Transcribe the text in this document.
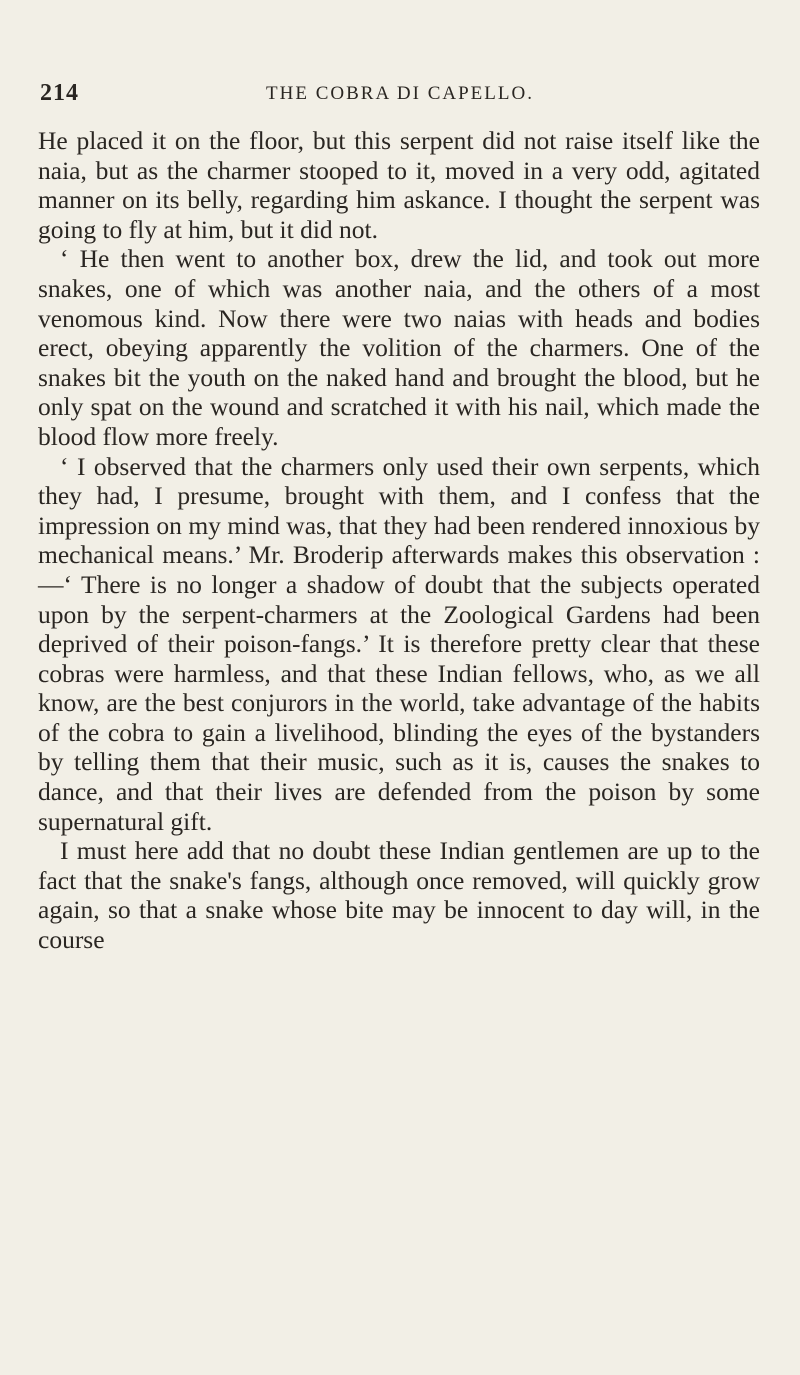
214	THE COBRA DI CAPELLO.

He placed it on the floor, but this serpent did not raise itself like the naia, but as the charmer stooped to it, moved in a very odd, agitated manner on its belly, regarding him askance. I thought the serpent was going to fly at him, but it did not.

‘ He then went to another box, drew the lid, and took out more snakes, one of which was another naia, and the others of a most venomous kind. Now there were two naias with heads and bodies erect, obeying apparently the volition of the charmers. One of the snakes bit the youth on the naked hand and brought the blood, but he only spat on the wound and scratched it with his nail, which made the blood flow more freely.

‘ I observed that the charmers only used their own serpents, which they had, I presume, brought with them, and I confess that the impression on my mind was, that they had been rendered innoxious by mechanical means.’ Mr. Broderip afterwards makes this observation :—‘ There is no longer a shadow of doubt that the subjects operated upon by the serpent-charmers at the Zoological Gardens had been deprived of their poison-fangs.’ It is therefore pretty clear that these cobras were harmless, and that these Indian fellows, who, as we all know, are the best conjurors in the world, take advantage of the habits of the cobra to gain a livelihood, blinding the eyes of the bystanders by telling them that their music, such as it is, causes the snakes to dance, and that their lives are defended from the poison by some supernatural gift.

I must here add that no doubt these Indian gentlemen are up to the fact that the snake's fangs, although once removed, will quickly grow again, so that a snake whose bite may be innocent to day will, in the course
